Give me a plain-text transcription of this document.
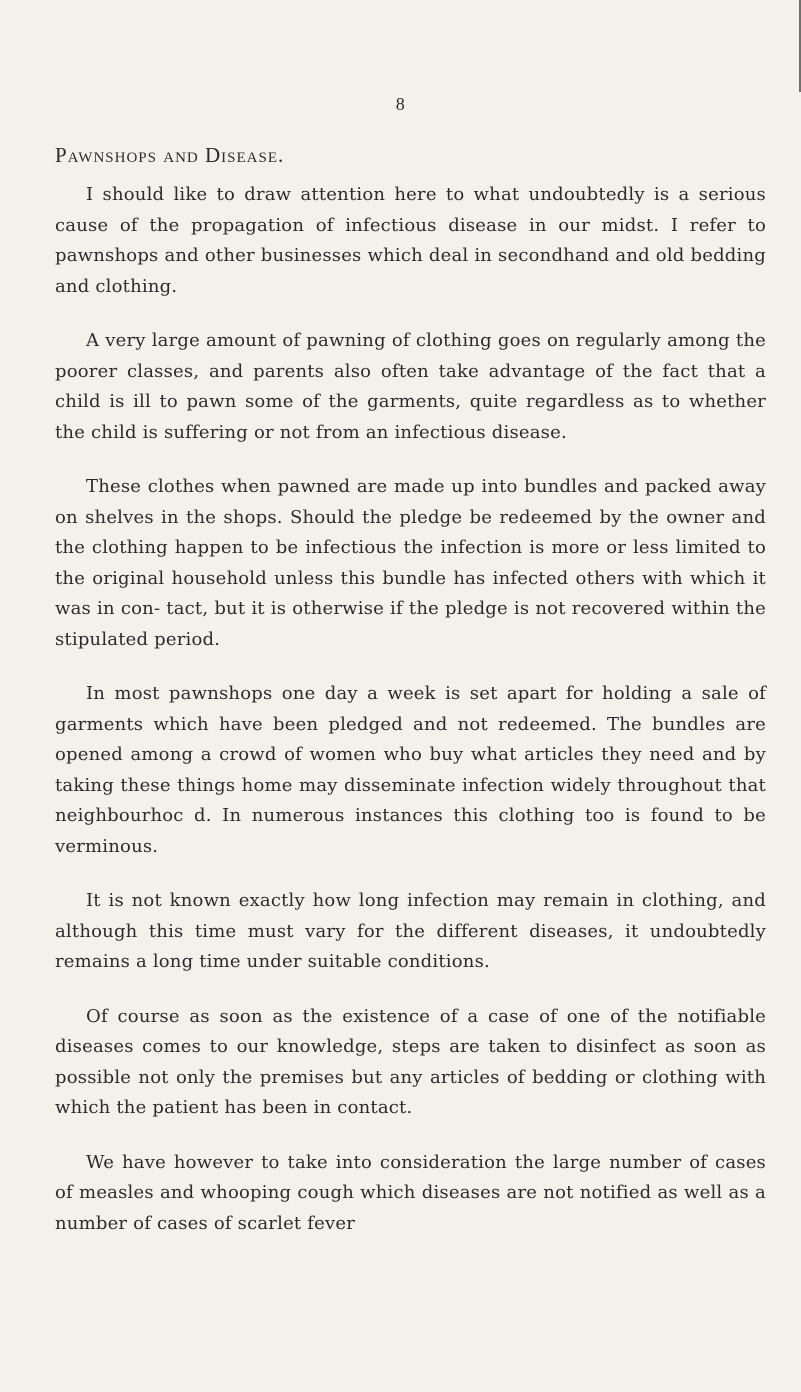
8
Pawnshops and Disease.

I should like to draw attention here to what undoubtedly is a serious cause of the propagation of infectious disease in our midst. I refer to pawnshops and other businesses which deal in secondhand and old bedding and clothing.

A very large amount of pawning of clothing goes on regularly among the poorer classes, and parents also often take advantage of the fact that a child is ill to pawn some of the garments, quite regardless as to whether the child is suffering or not from an infectious disease.

These clothes when pawned are made up into bundles and packed away on shelves in the shops. Should the pledge be redeemed by the owner and the clothing happen to be infectious the infection is more or less limited to the original household unless this bundle has infected others with which it was in con- tact, but it is otherwise if the pledge is not recovered within the stipulated period.

In most pawnshops one day a week is set apart for holding a sale of garments which have been pledged and not redeemed. The bundles are opened among a crowd of women who buy what articles they need and by taking these things home may disseminate infection widely throughout that neighbourhoc d. In numerous instances this clothing too is found to be verminous.

It is not known exactly how long infection may remain in clothing, and although this time must vary for the different diseases, it undoubtedly remains a long time under suitable conditions.

Of course as soon as the existence of a case of one of the notifiable diseases comes to our knowledge, steps are taken to disinfect as soon as possible not only the premises but any articles of bedding or clothing with which the patient has been in contact.

We have however to take into consideration the large number of cases of measles and whooping cough which diseases are not notified as well as a number of cases of scarlet fever
